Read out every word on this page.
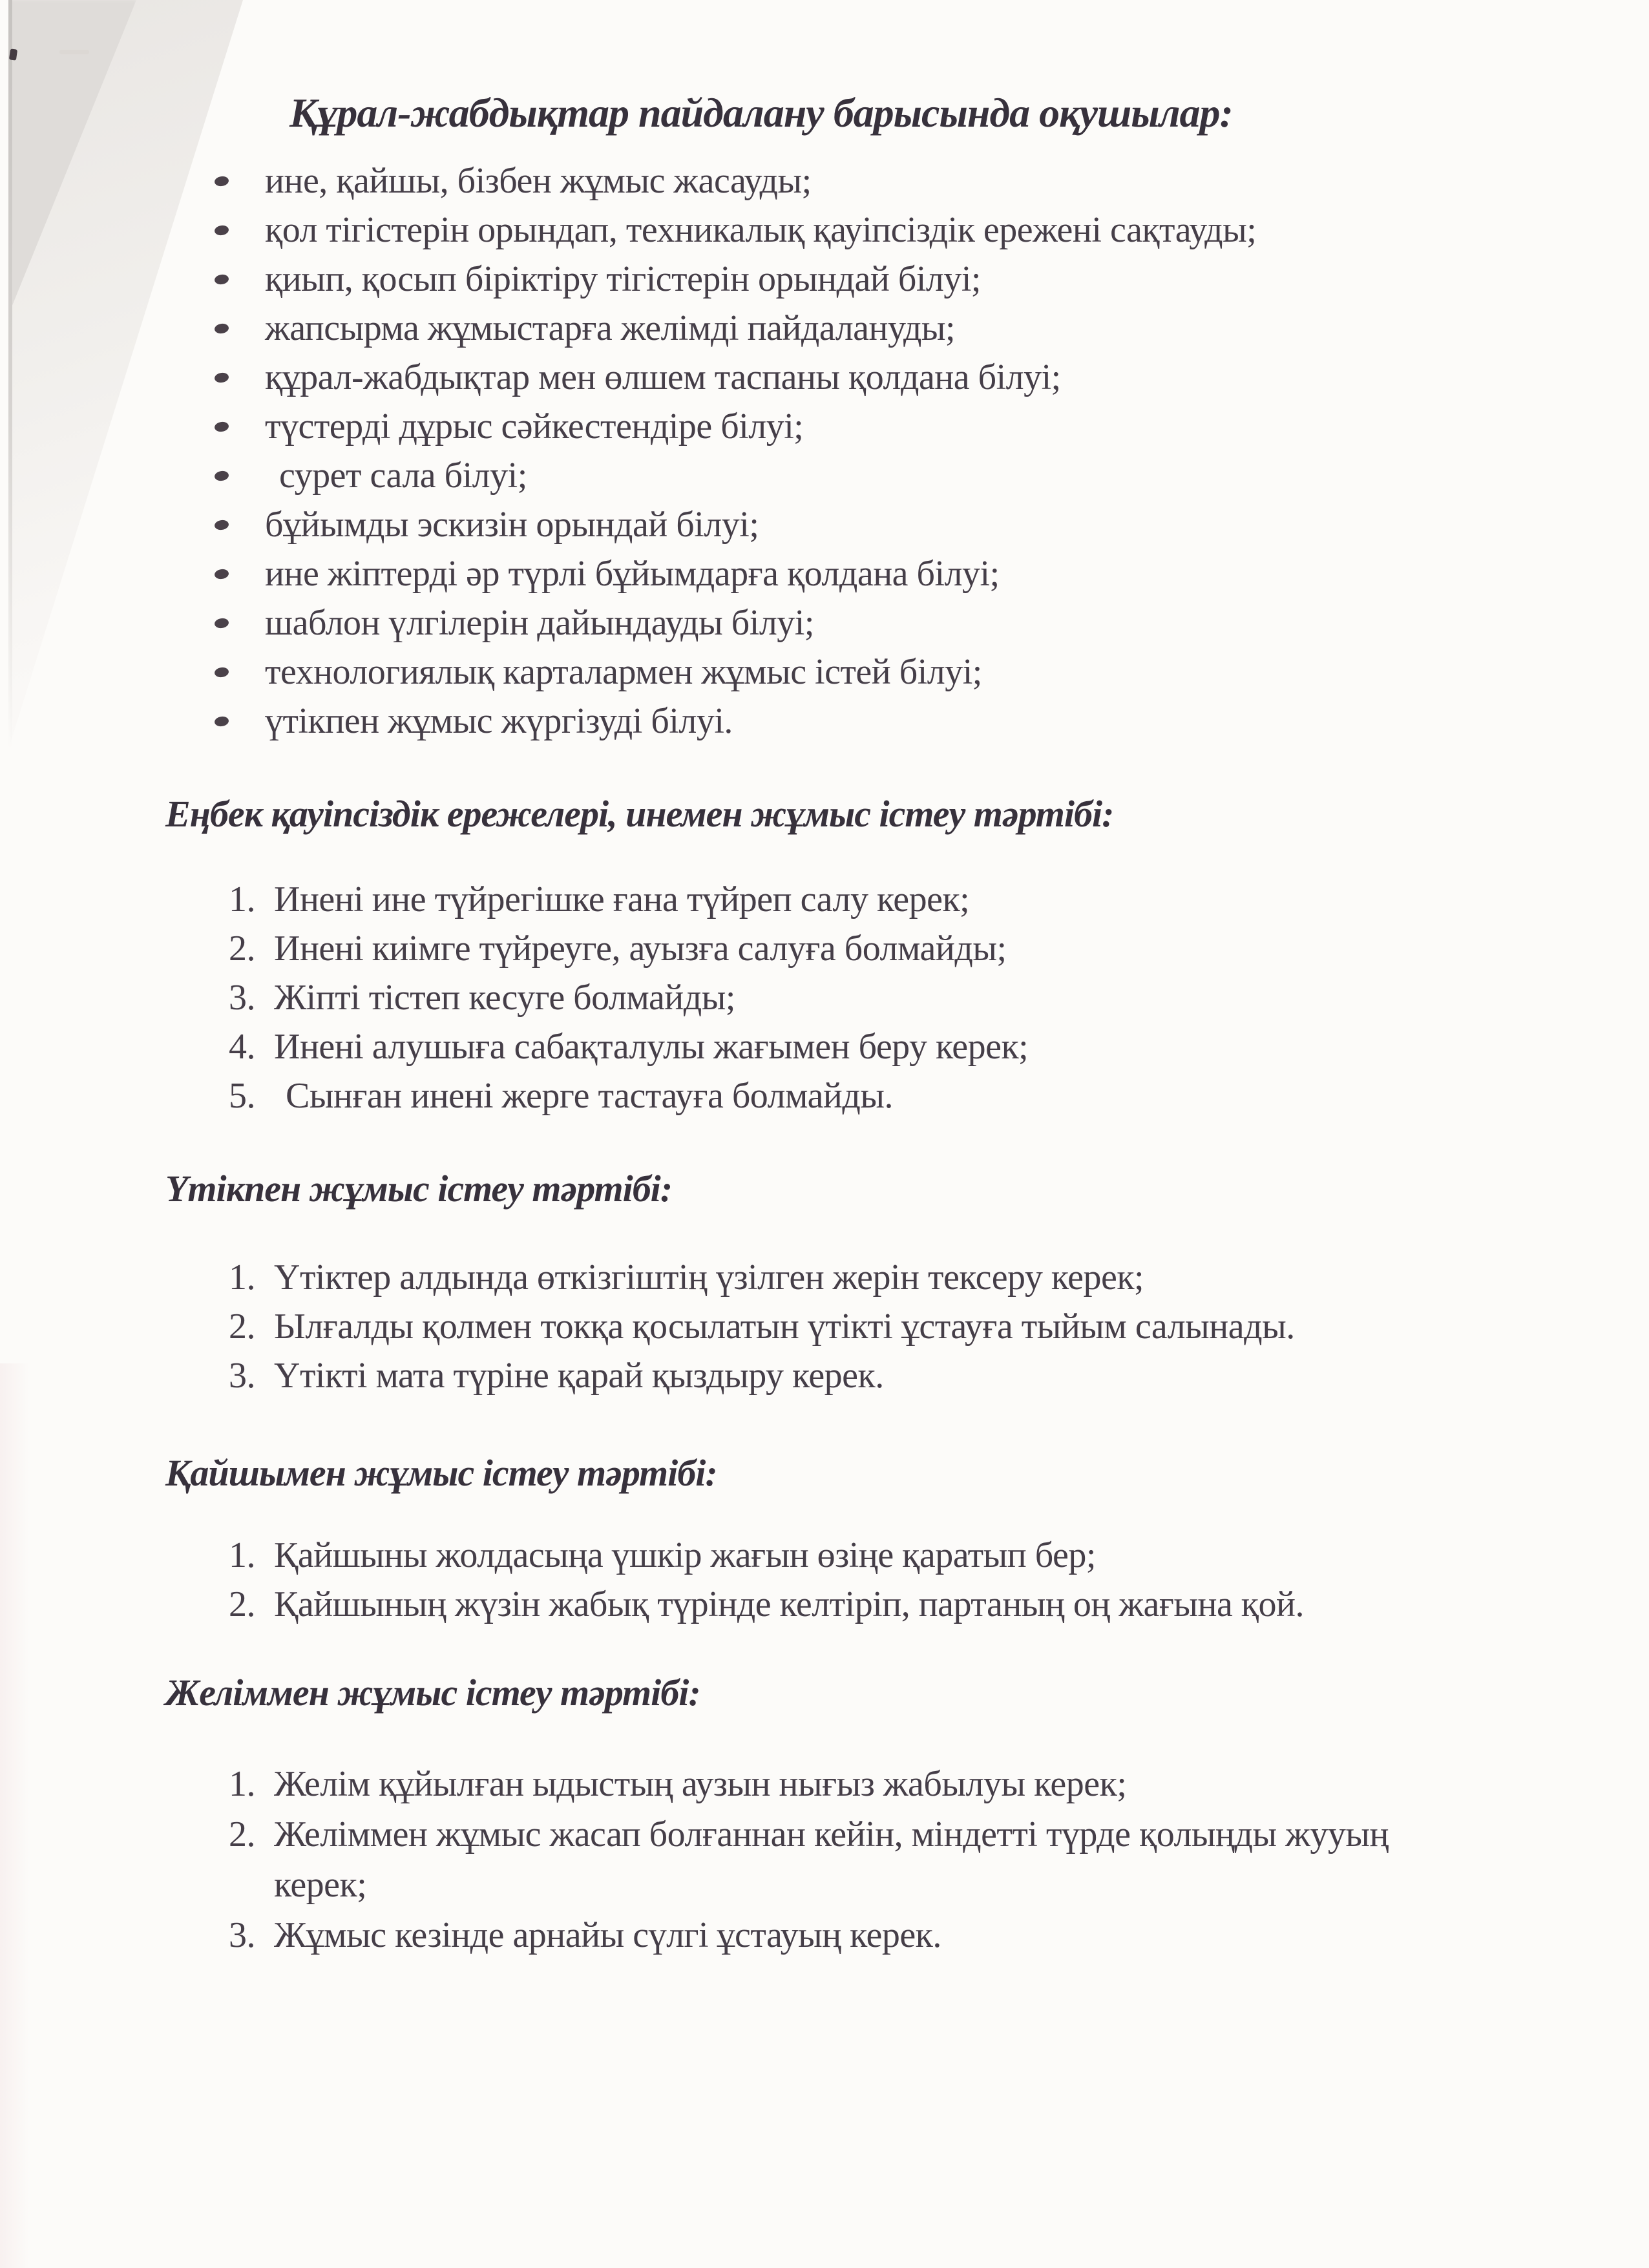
Құрал-жабдықтар пайдалану барысында оқушылар:
ине, қайшы, бізбен жұмыс жасауды;
қол тігістерін орындап, техникалық қауіпсіздік ережені сақтауды;
қиып, қосып біріктіру тігістерін орындай білуі;
жапсырма жұмыстарға желімді пайдалануды;
құрал-жабдықтар мен өлшем таспаны қолдана білуі;
түстерді дұрыс сәйкестендіре білуі;
сурет сала білуі;
бұйымды эскизін орындай білуі;
ине жіптерді әр түрлі бұйымдарға қолдана білуі;
шаблон үлгілерін дайындауды білуі;
технологиялық карталармен жұмыс істей білуі;
үтікпен жұмыс жүргізуді білуі.
Еңбек қауіпсіздік ережелері, инемен жұмыс істеу тәртібі:
1. Инені ине түйрегішке ғана түйреп салу керек;
2. Инені киімге түйреуге, ауызға салуға болмайды;
3. Жіпті тістеп кесуге болмайды;
4. Инені алушыға сабақталулы жағымен беру керек;
5. Сынған инені жерге тастауға болмайды.
Үтікпен жұмыс істеу тәртібі:
1. Үтіктер алдында өткізгіштің үзілген жерін тексеру керек;
2. Ылғалды қолмен токқа қосылатын үтікті ұстауға тыйым салынады.
3. Үтікті мата түріне қарай қыздыру керек.
Қайшымен жұмыс істеу тәртібі:
1. Қайшыны жолдасыңа үшкір жағын өзіңе қаратып бер;
2. Қайшының жүзін жабық түрінде келтіріп, партаның оң жағына қой.
Желіммен жұмыс істеу тәртібі:
1. Желім құйылған ыдыстың аузын нығыз жабылуы керек;
2. Желіммен жұмыс жасап болғаннан кейін, міндетті түрде қолыңды жууың керек;
3. Жұмыс кезінде арнайы сүлгі ұстауың керек.
